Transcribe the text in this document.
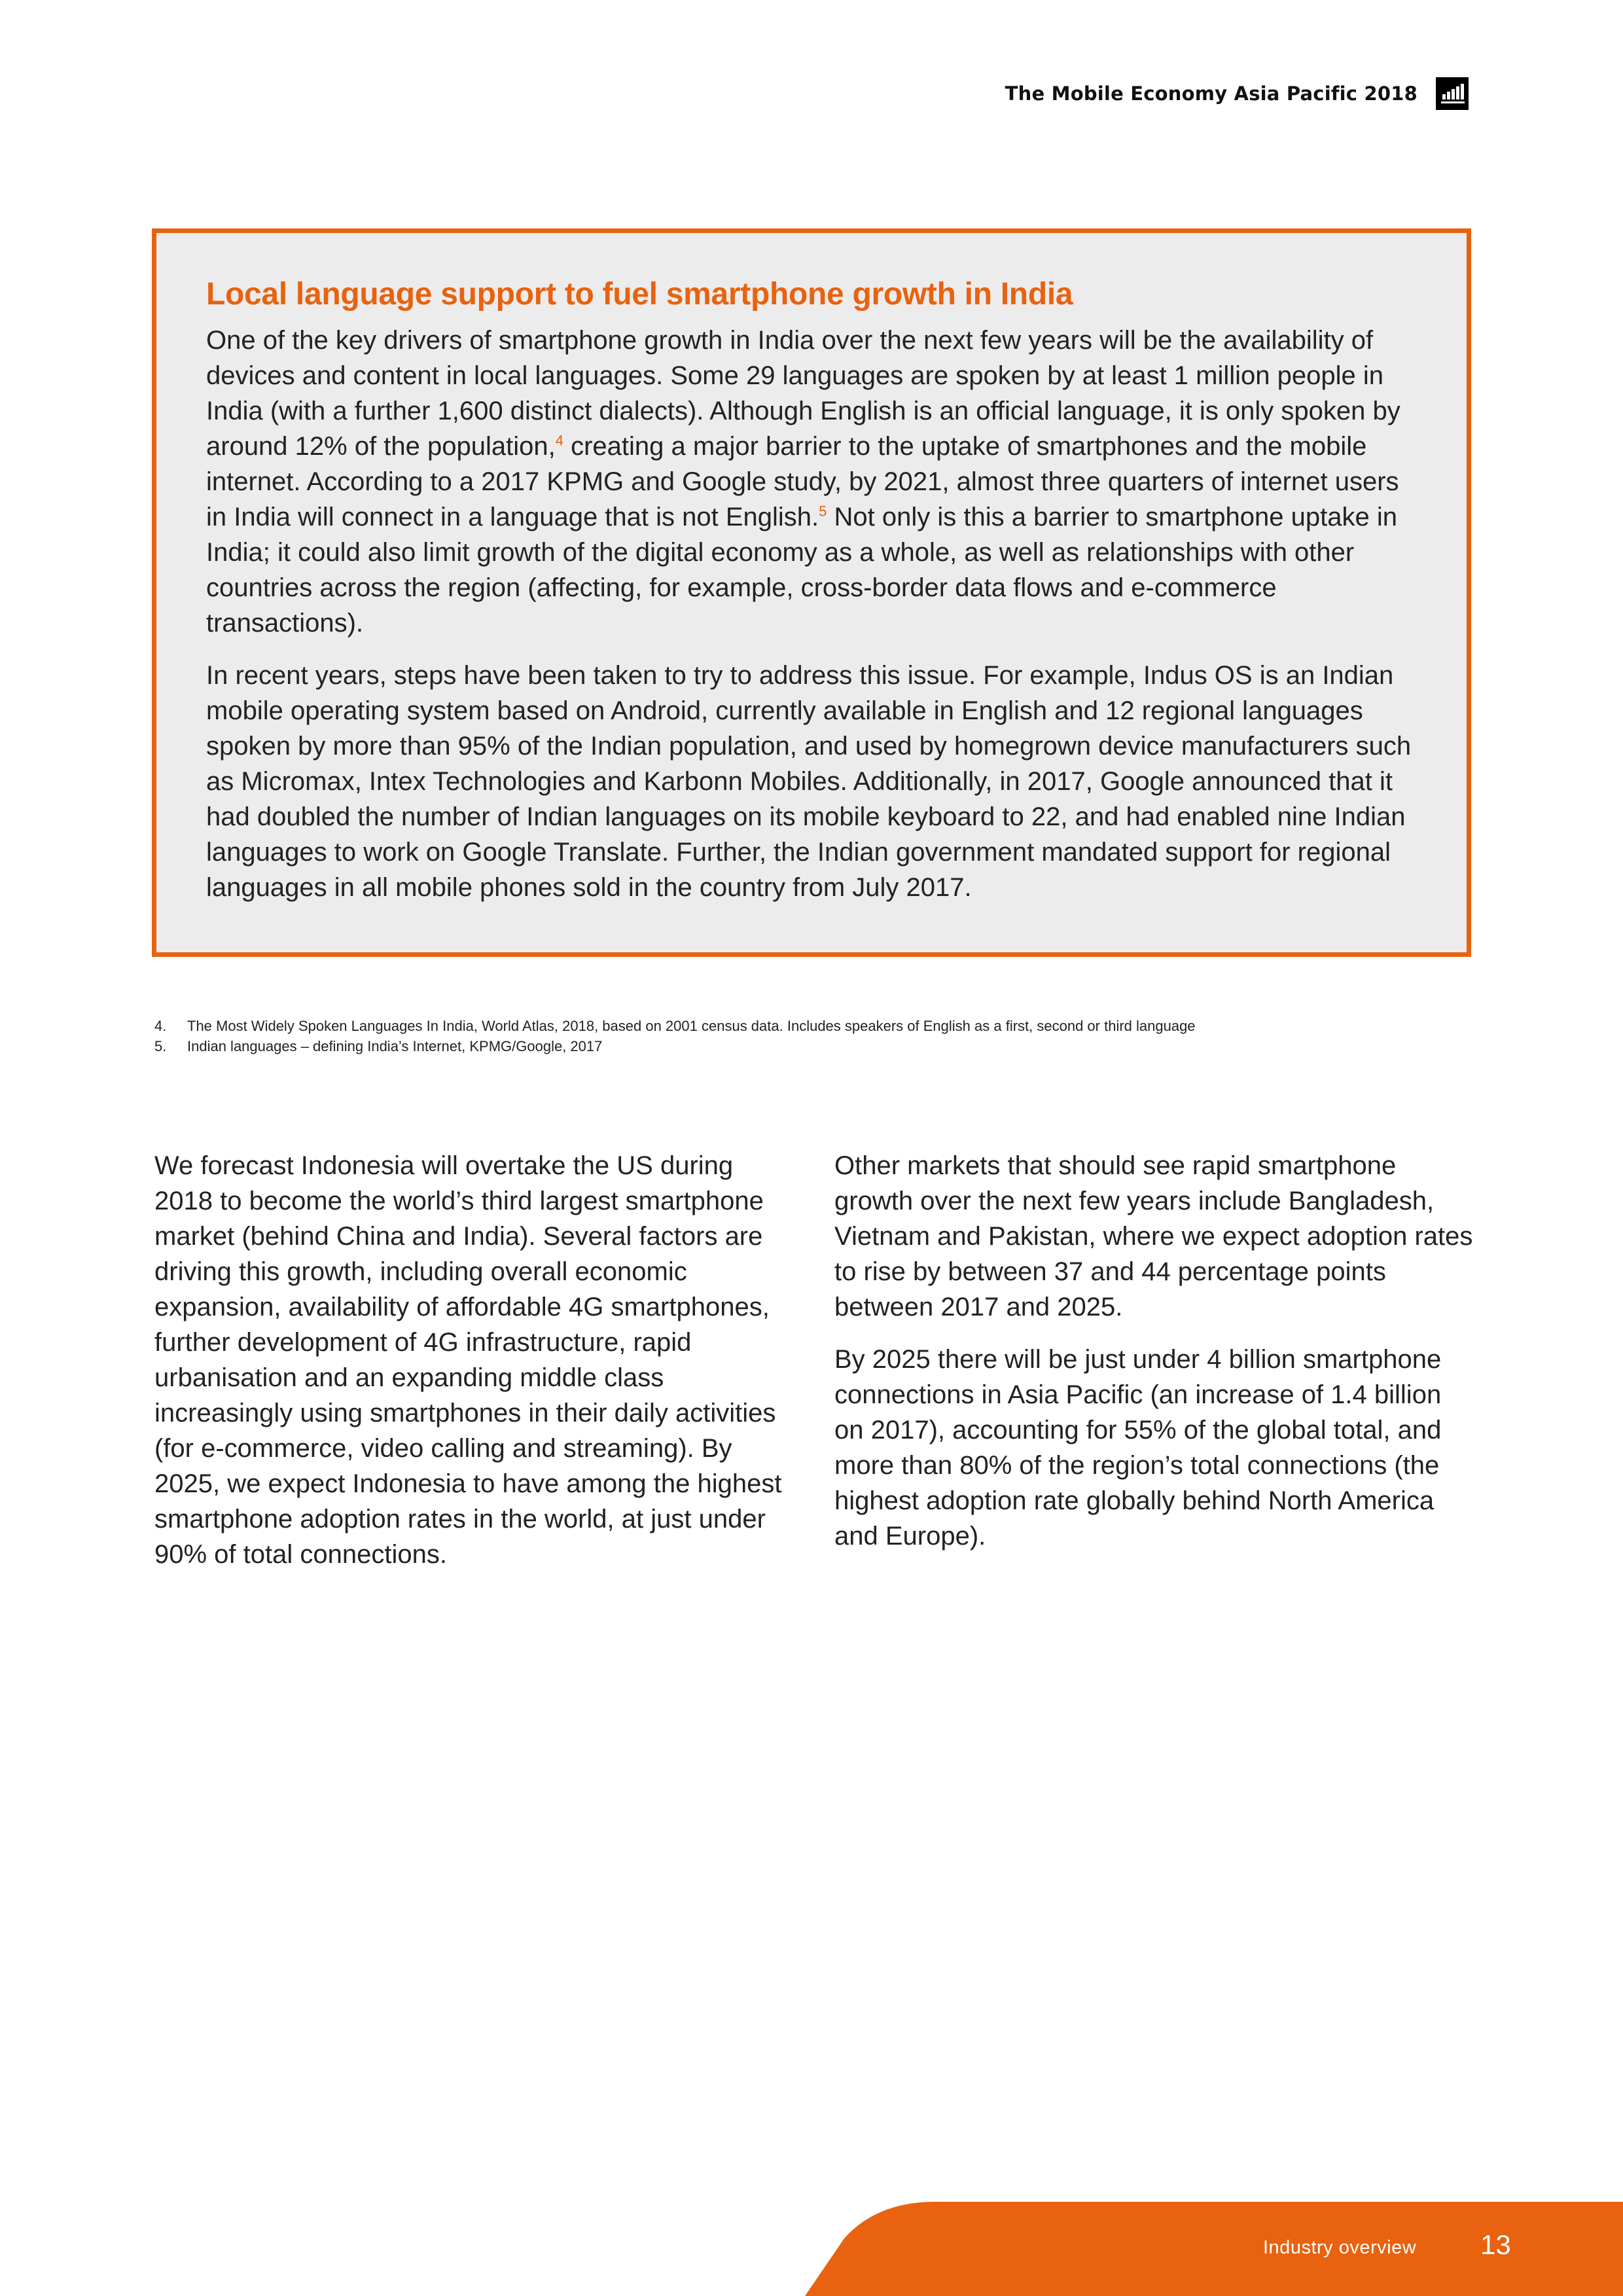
The Mobile Economy Asia Pacific 2018
Local language support to fuel smartphone growth in India

One of the key drivers of smartphone growth in India over the next few years will be the availability of devices and content in local languages. Some 29 languages are spoken by at least 1 million people in India (with a further 1,600 distinct dialects). Although English is an official language, it is only spoken by around 12% of the population,$^4$ creating a major barrier to the uptake of smartphones and the mobile internet. According to a 2017 KPMG and Google study, by 2021, almost three quarters of internet users in India will connect in a language that is not English.$^5$ Not only is this a barrier to smartphone uptake in India; it could also limit growth of the digital economy as a whole, as well as relationships with other countries across the region (affecting, for example, cross-border data flows and e-commerce transactions).

In recent years, steps have been taken to try to address this issue. For example, Indus OS is an Indian mobile operating system based on Android, currently available in English and 12 regional languages spoken by more than 95% of the Indian population, and used by homegrown device manufacturers such as Micromax, Intex Technologies and Karbonn Mobiles. Additionally, in 2017, Google announced that it had doubled the number of Indian languages on its mobile keyboard to 22, and had enabled nine Indian languages to work on Google Translate. Further, the Indian government mandated support for regional languages in all mobile phones sold in the country from July 2017.

4.	The Most Widely Spoken Languages In India, World Atlas, 2018, based on 2001 census data. Includes speakers of English as a first, second or third language
5.	Indian languages – defining India’s Internet, KPMG/Google, 2017

We forecast Indonesia will overtake the US during 2018 to become the world’s third largest smartphone market (behind China and India). Several factors are driving this growth, including overall economic expansion, availability of affordable 4G smartphones, further development of 4G infrastructure, rapid urbanisation and an expanding middle class increasingly using smartphones in their daily activities (for e-commerce, video calling and streaming). By 2025, we expect Indonesia to have among the highest smartphone adoption rates in the world, at just under 90% of total connections.

Other markets that should see rapid smartphone growth over the next few years include Bangladesh, Vietnam and Pakistan, where we expect adoption rates to rise by between 37 and 44 percentage points between 2017 and 2025.

By 2025 there will be just under 4 billion smartphone connections in Asia Pacific (an increase of 1.4 billion on 2017), accounting for 55% of the global total, and more than 80% of the region’s total connections (the highest adoption rate globally behind North America and Europe).

Industry overview 13
